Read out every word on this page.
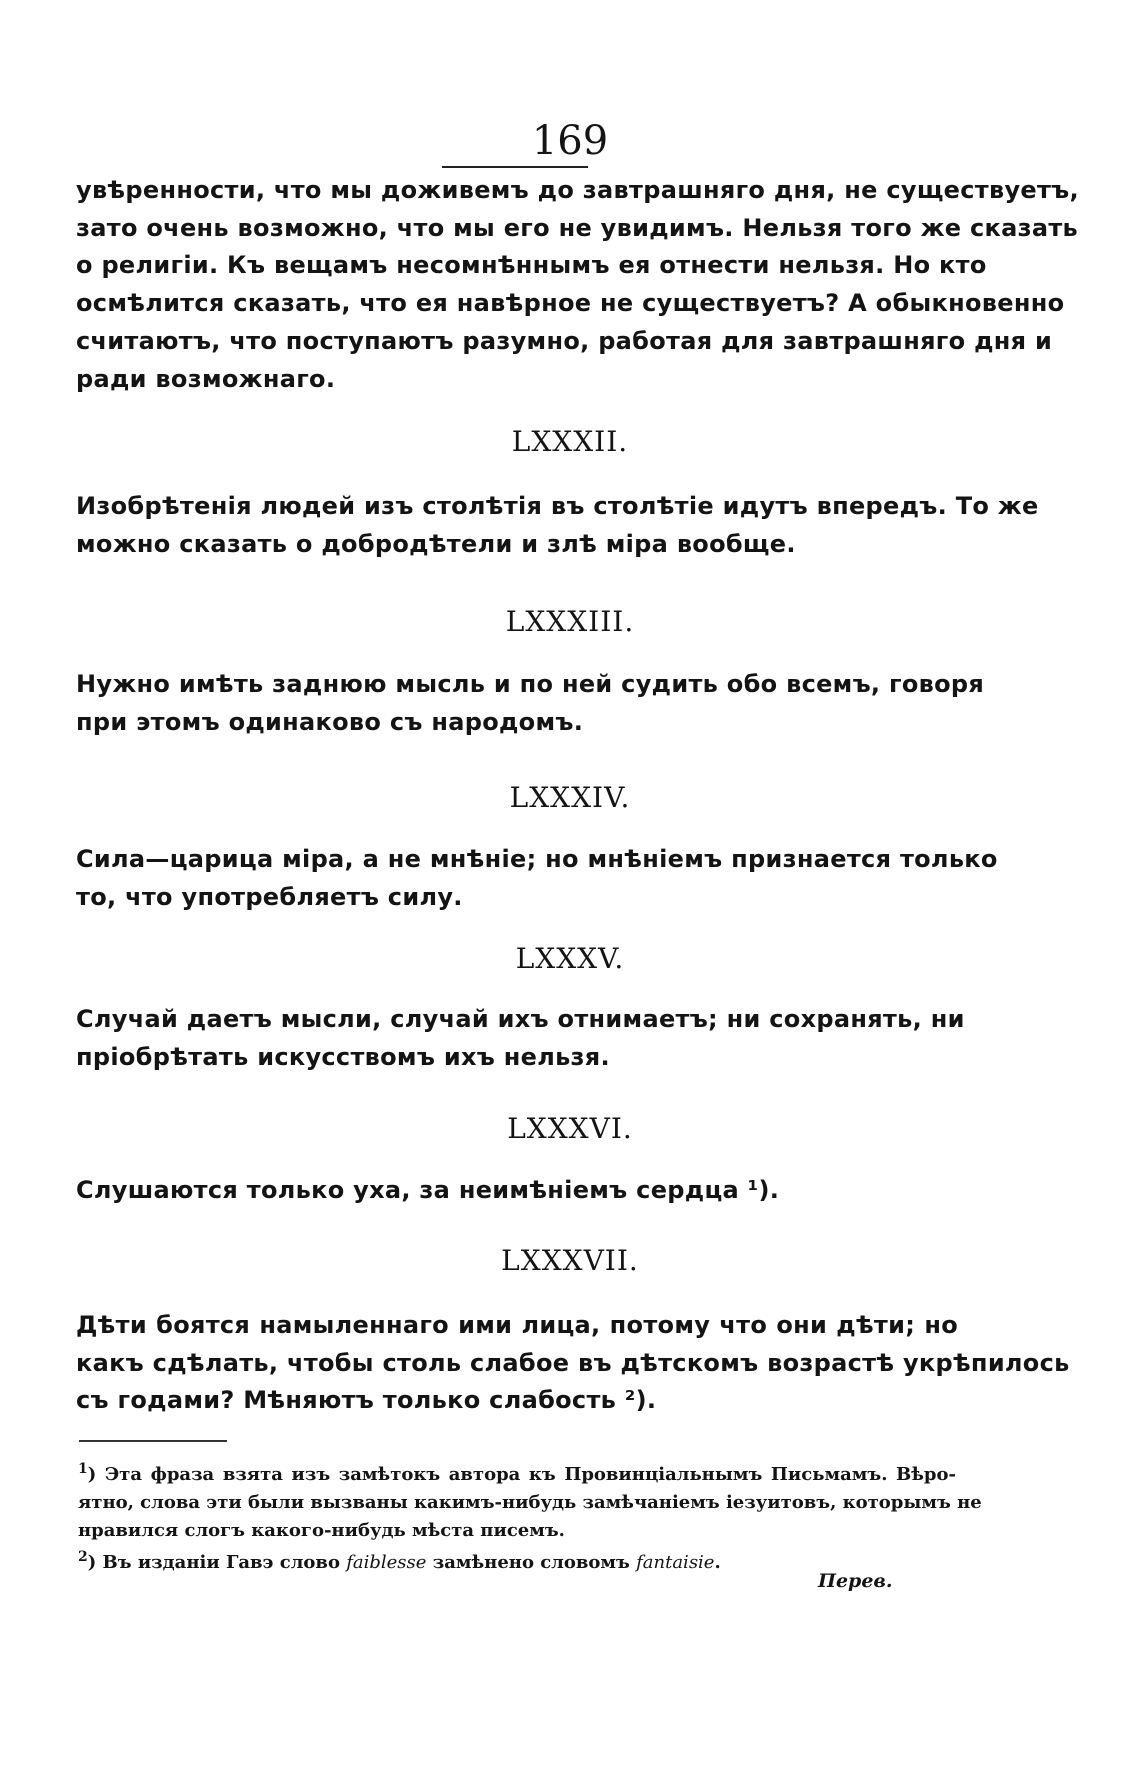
169
увѣренности, что мы доживемъ до завтрашняго дня, не существуетъ,
зато очень возможно, что мы его не увидимъ. Нельзя того же сказать
о религіи. Къ вещамъ несомнѣннымъ ея отнести нельзя. Но кто
осмѣлится сказать, что ея навѣрное не существуетъ? А обыкновенно
считаютъ, что поступаютъ разумно, работая для завтрашняго дня и
ради возможнаго.
LXXXII.
Изобрѣтенія людей изъ столѣтія въ столѣтіе идутъ впередъ. То же
можно сказать о добродѣтели и злѣ міра вообще.
LXXXIII.
Нужно имѣть заднюю мысль и по ней судить обо всемъ, говоря
при этомъ одинаково съ народомъ.
LXXXIV.
Сила—царица міра, а не мнѣніе; но мнѣніемъ признается только
то, что употребляетъ силу.
LXXXV.
Случай даетъ мысли, случай ихъ отнимаетъ; ни сохранять, ни
пріобрѣтать искусствомъ ихъ нельзя.
LXXXVI.
Слушаются только уха, за неимѣніемъ сердца ¹).
LXXXVII.
Дѣти боятся намыленнаго ими лица, потому что они дѣти; но
какъ сдѣлать, чтобы столь слабое въ дѣтскомъ возрастѣ укрѣпилось
съ годами? Мѣняютъ только слабость ²).
$^1$) Эта фраза взята изъ замѣтокъ автора къ Провинціальнымъ Письмамъ. Вѣро-
ятно, слова эти были вызваны какимъ-нибудь замѣчаніемъ іезуитовъ, которымъ не
нравился слогъ какого-нибудь мѣста писемъ.
$^2$) Въ изданіи Гавэ слово faiblesse замѣнено словомъ fantaisie.
Перев.
